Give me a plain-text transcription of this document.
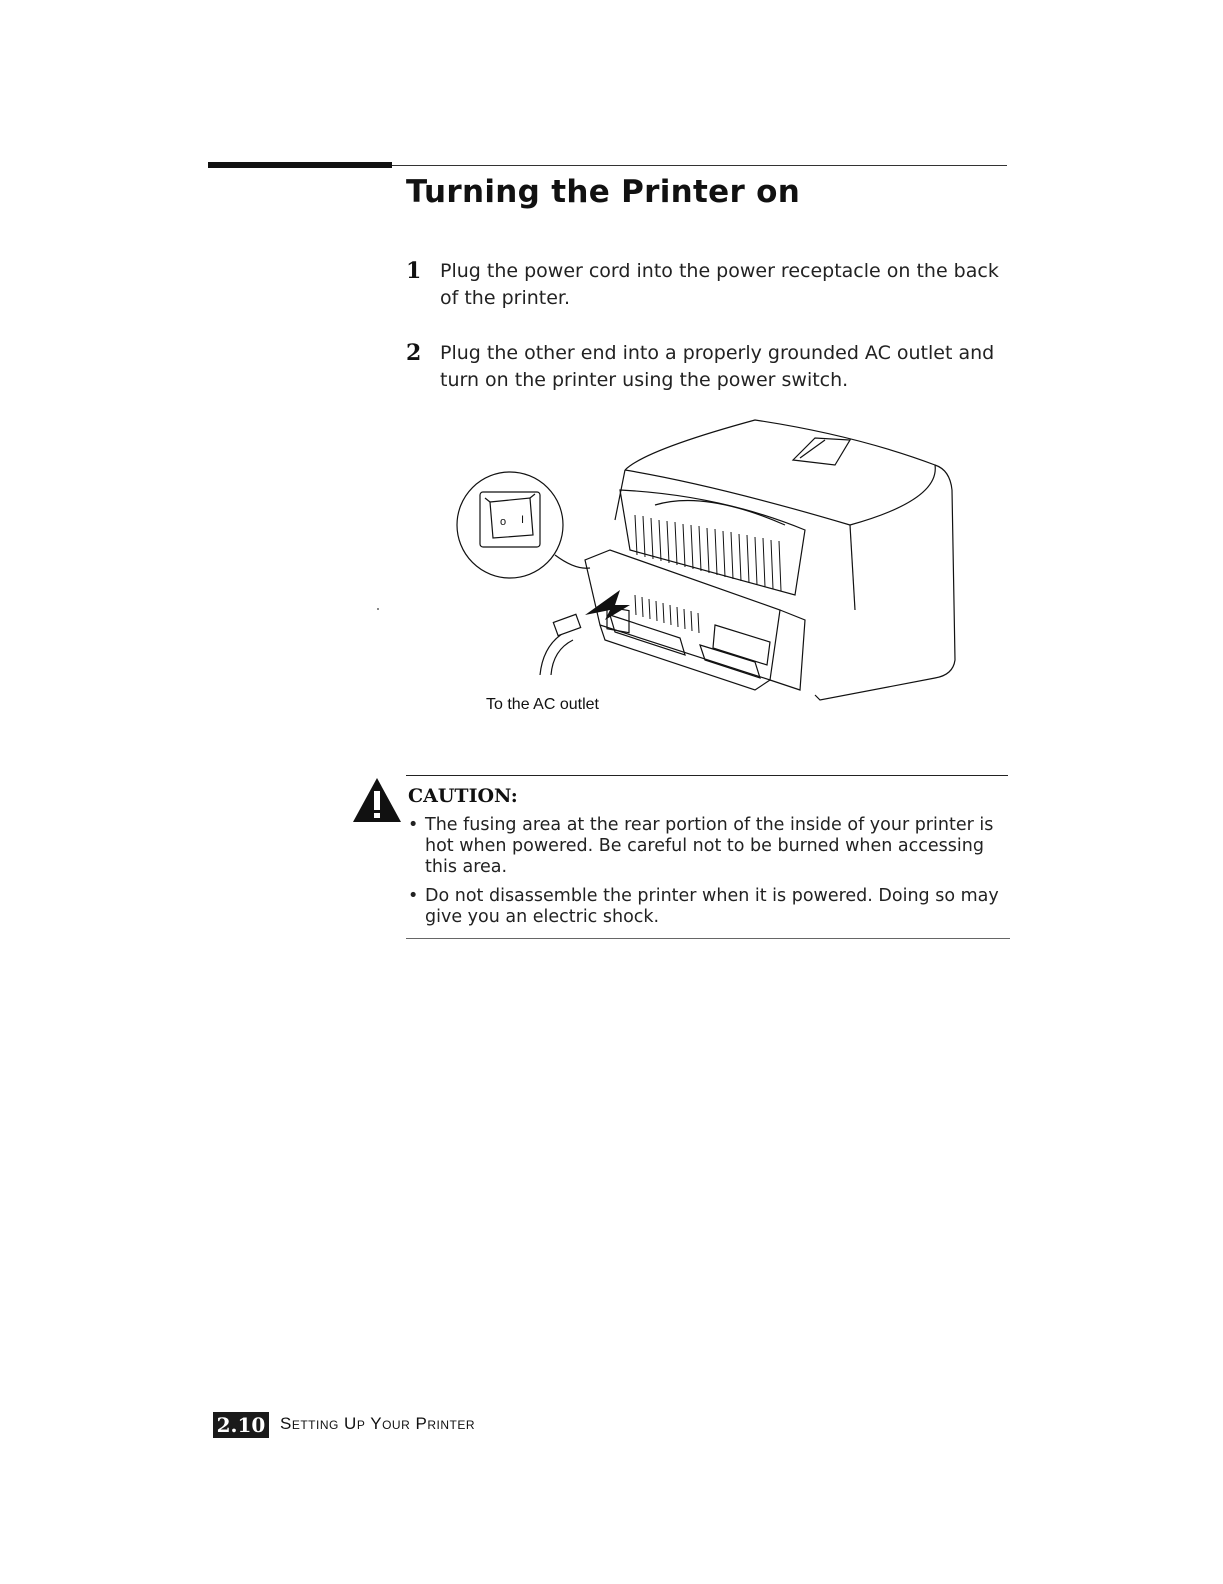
Turning the Printer on
1 Plug the power cord into the power receptacle on the back of the printer.
2 Plug the other end into a properly grounded AC outlet and turn on the printer using the power switch.
o I
To the AC outlet
CAUTION:
• The fusing area at the rear portion of the inside of your printer is hot when powered. Be careful not to be burned when accessing this area.
• Do not disassemble the printer when it is powered. Doing so may give you an electric shock.
2.10 Setting Up Your Printer
